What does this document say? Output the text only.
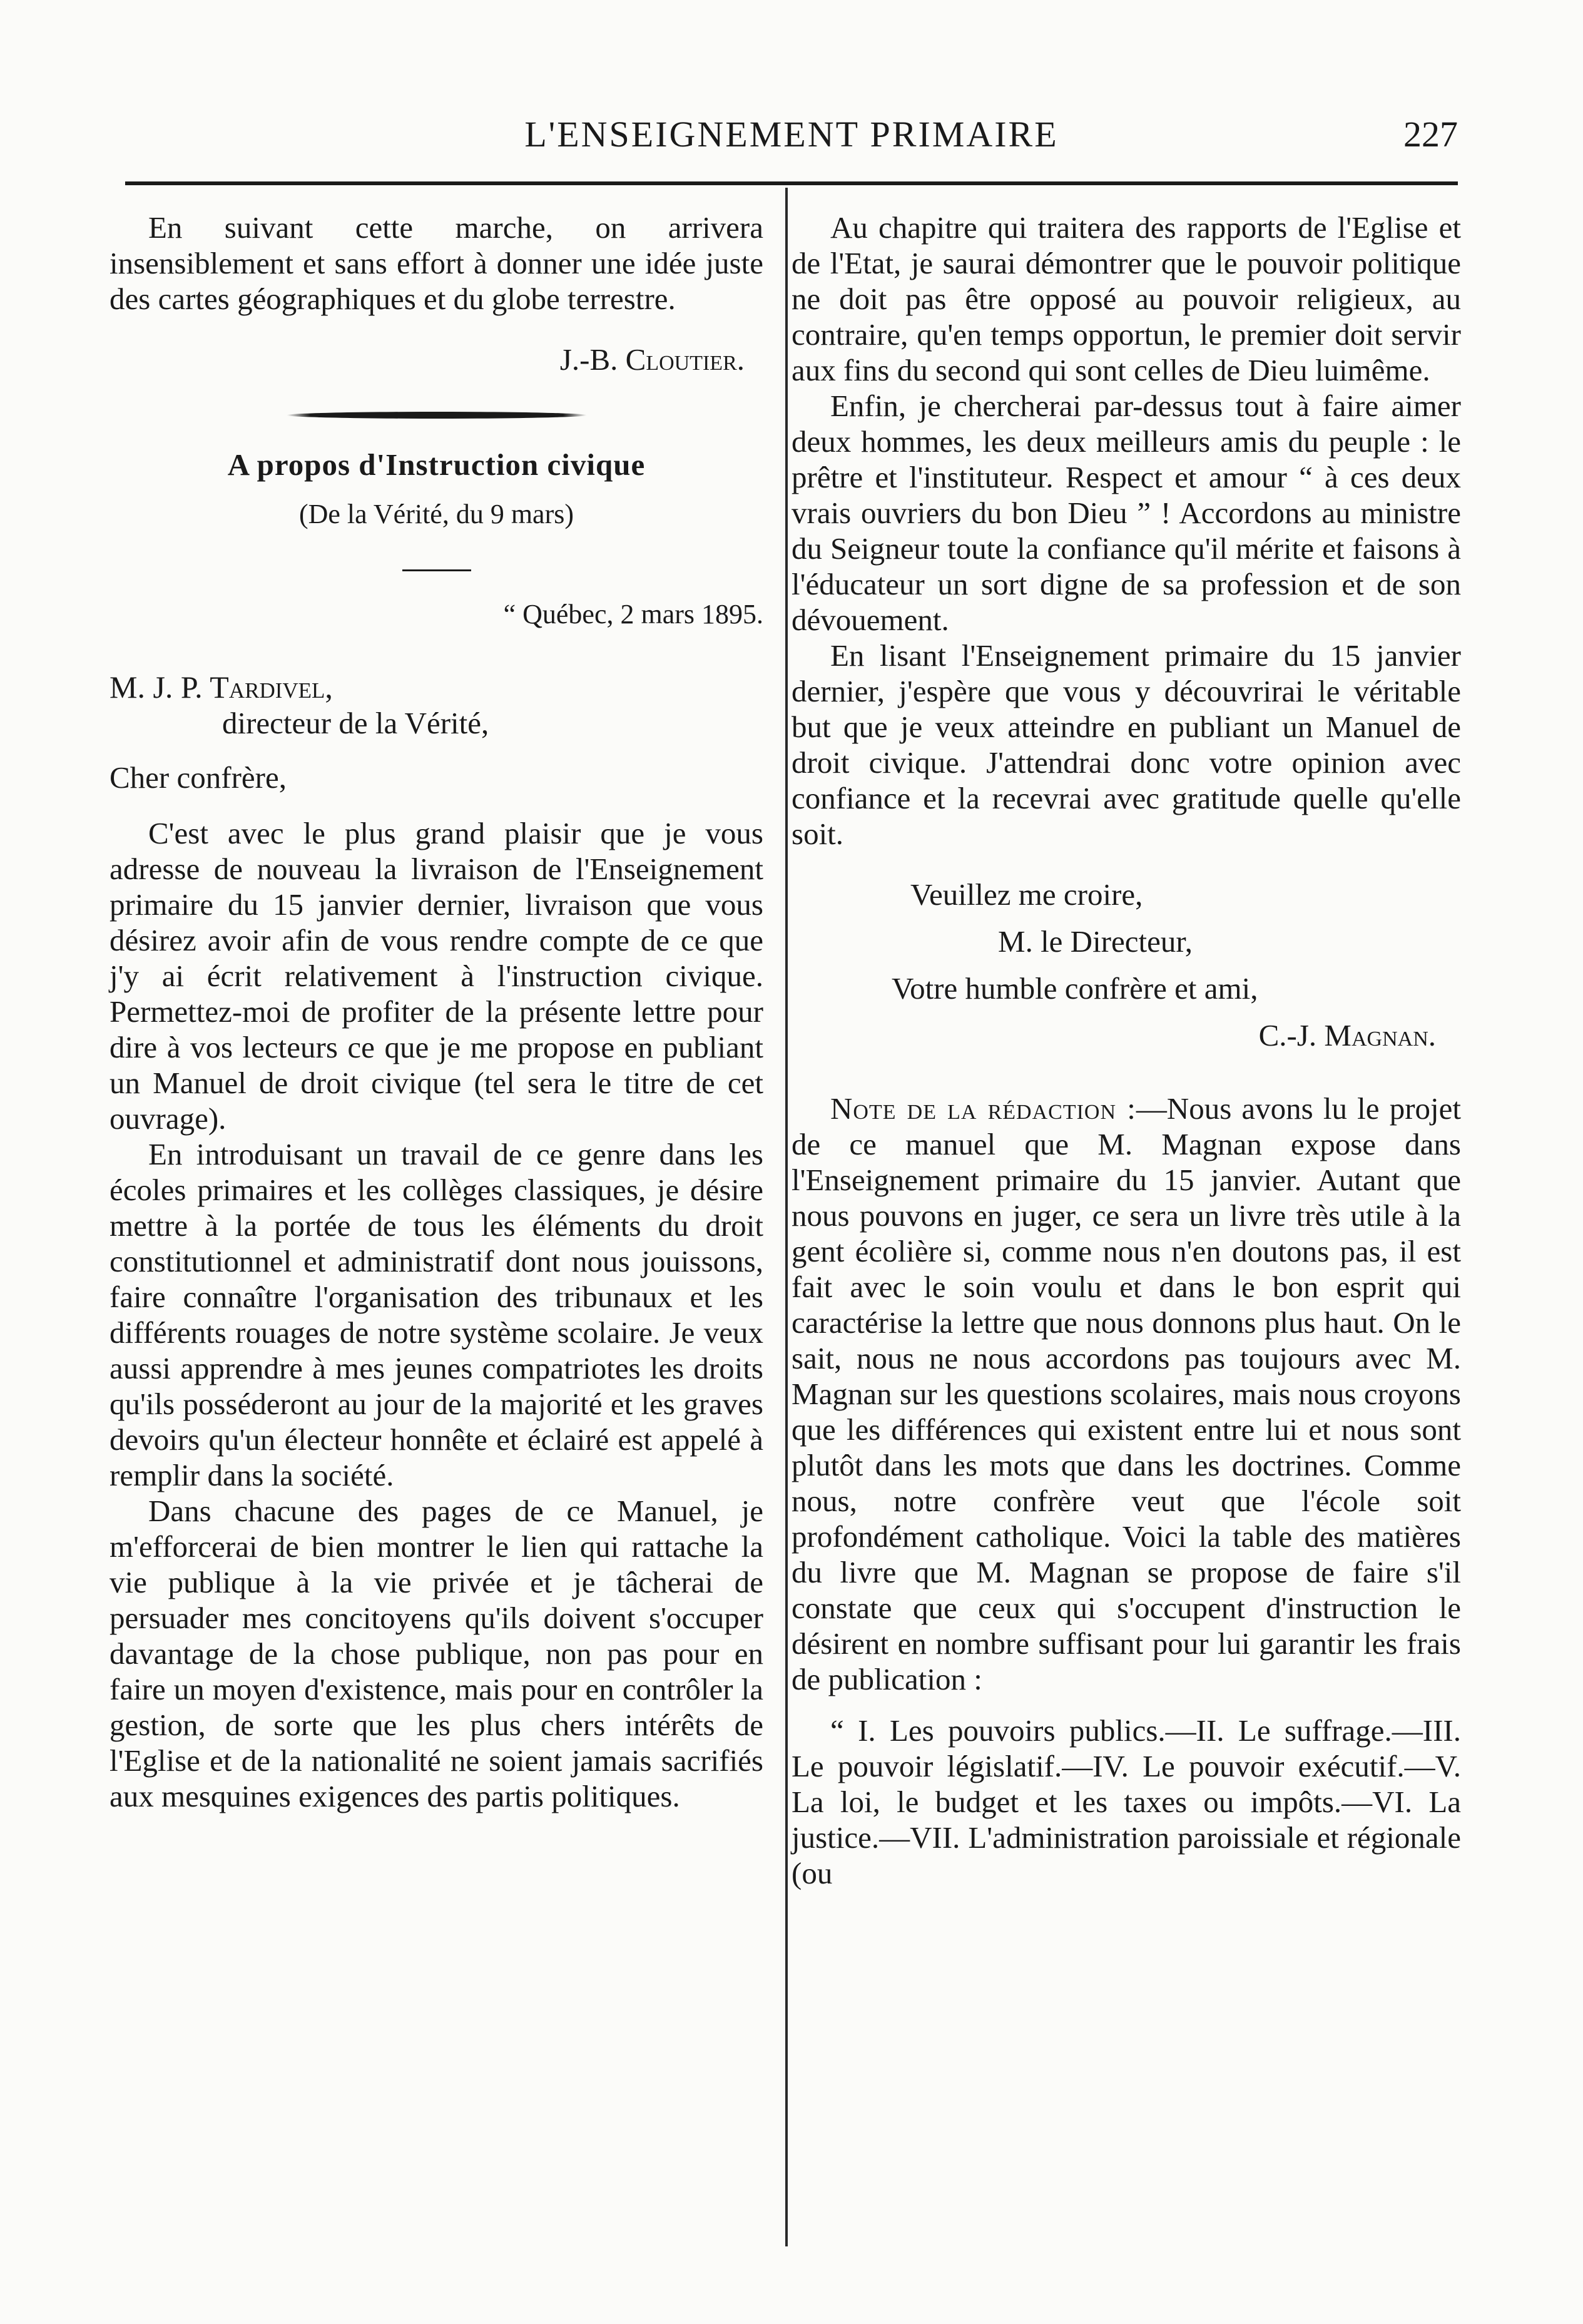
L'ENSEIGNEMENT PRIMAIRE	227

En suivant cette marche, on arrivera insensiblement et sans effort à donner une idée juste des cartes géographiques et du globe terrestre.

J.-B. Cloutier.

A propos d'Instruction civique

(De la Vérité, du 9 mars)

“ Québec, 2 mars 1895.

M. J. P. Tardivel,

directeur de la Vérité,

Cher confrère,

C'est avec le plus grand plaisir que je vous adresse de nouveau la livraison de l'Enseignement primaire du 15 janvier dernier, livraison que vous désirez avoir afin de vous rendre compte de ce que j'y ai écrit relativement à l'instruction civique. Permettez-moi de profiter de la présente lettre pour dire à vos lecteurs ce que je me propose en publiant un Manuel de droit civique (tel sera le titre de cet ouvrage).

En introduisant un travail de ce genre dans les écoles primaires et les collèges classiques, je désire mettre à la portée de tous les éléments du droit constitutionnel et administratif dont nous jouissons, faire connaître l'organisation des tribunaux et les différents rouages de notre système scolaire. Je veux aussi apprendre à mes jeunes compatriotes les droits qu'ils posséderont au jour de la majorité et les graves devoirs qu'un électeur honnête et éclairé est appelé à remplir dans la société.

Dans chacune des pages de ce Manuel, je m'efforcerai de bien montrer le lien qui rattache la vie publique à la vie privée et je tâcherai de persuader mes concitoyens qu'ils doivent s'occuper davantage de la chose publique, non pas pour en faire un moyen d'existence, mais pour en contrôler la gestion, de sorte que les plus chers intérêts de l'Eglise et de la nationalité ne soient jamais sacrifiés aux mesquines exigences des partis politiques.

Au chapitre qui traitera des rapports de l'Eglise et de l'Etat, je saurai démontrer que le pouvoir politique ne doit pas être opposé au pouvoir religieux, au contraire, qu'en temps opportun, le premier doit servir aux fins du second qui sont celles de Dieu luimême.

Enfin, je chercherai par-dessus tout à faire aimer deux hommes, les deux meilleurs amis du peuple : le prêtre et l'instituteur. Respect et amour “ à ces deux vrais ouvriers du bon Dieu ” ! Accordons au ministre du Seigneur toute la confiance qu'il mérite et faisons à l'éducateur un sort digne de sa profession et de son dévouement.

En lisant l'Enseignement primaire du 15 janvier dernier, j'espère que vous y découvrirai le véritable but que je veux atteindre en publiant un Manuel de droit civique. J'attendrai donc votre opinion avec confiance et la recevrai avec gratitude quelle qu'elle soit.

Veuillez me croire,

M. le Directeur,

Votre humble confrère et ami,

C.-J. Magnan.

Note de la rédaction :—Nous avons lu le projet de ce manuel que M. Magnan expose dans l'Enseignement primaire du 15 janvier. Autant que nous pouvons en juger, ce sera un livre très utile à la gent écolière si, comme nous n'en doutons pas, il est fait avec le soin voulu et dans le bon esprit qui caractérise la lettre que nous donnons plus haut. On le sait, nous ne nous accordons pas toujours avec M. Magnan sur les questions scolaires, mais nous croyons que les différences qui existent entre lui et nous sont plutôt dans les mots que dans les doctrines. Comme nous, notre confrère veut que l'école soit profondément catholique. Voici la table des matières du livre que M. Magnan se propose de faire s'il constate que ceux qui s'occupent d'instruction le désirent en nombre suffisant pour lui garantir les frais de publication :

“ I. Les pouvoirs publics.—II. Le suffrage.—III. Le pouvoir législatif.—IV. Le pouvoir exécutif.—V. La loi, le budget et les taxes ou impôts.—VI. La justice.—VII. L'administration paroissiale et régionale (ou
